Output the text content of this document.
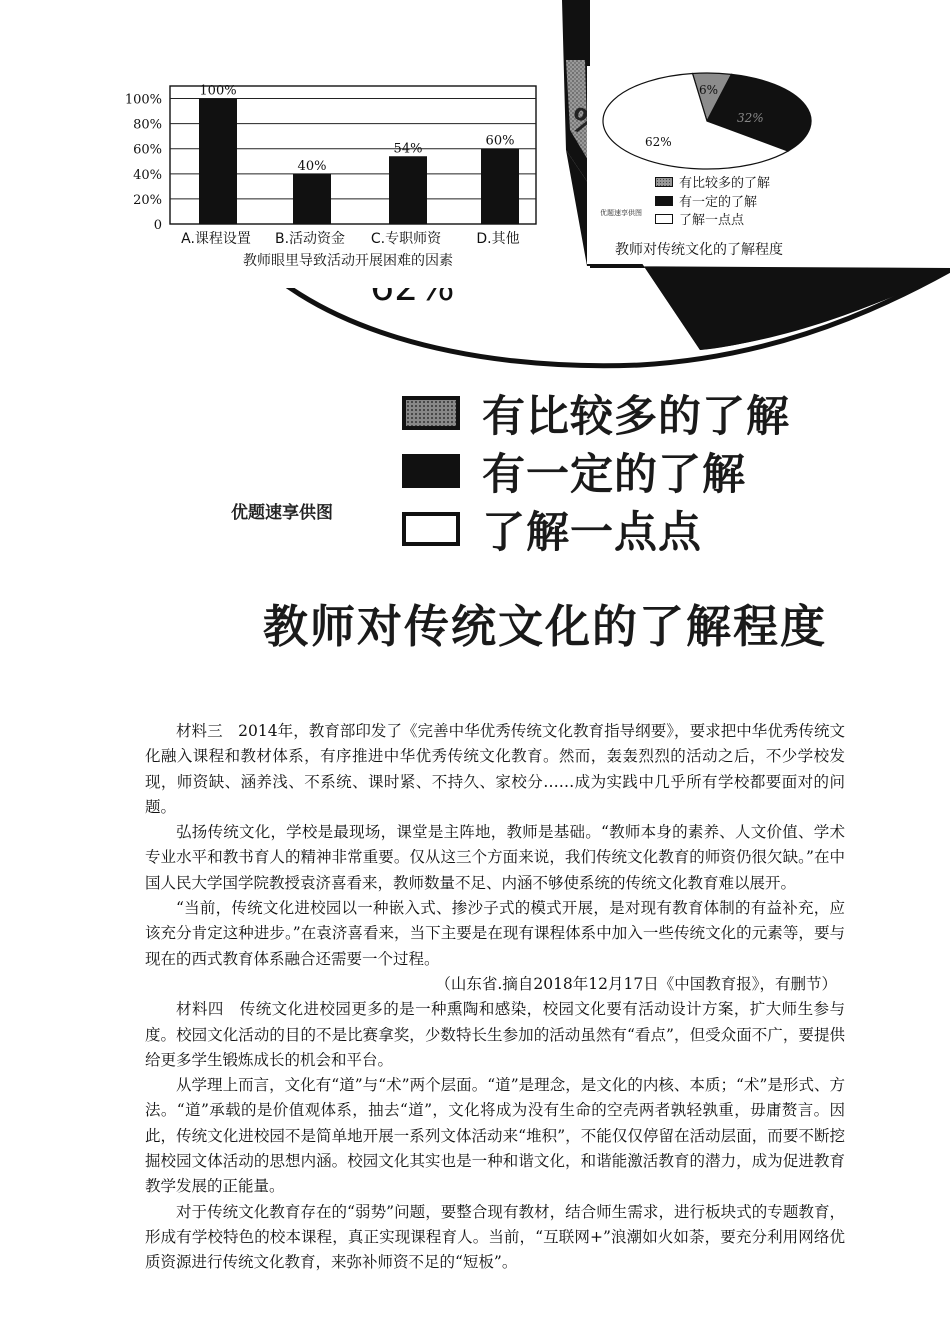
有比较多的了解
有一定的了解
了解一点点
优题速享供图
教师对传统文化的了解程度
0
20%
40%
60%
80%
100%
100%
A.课程设置
40%
B.活动资金
54%
C.专职师资
60%
D.其他
教师眼里导致活动开展困难的因素
6%
32%
62%
有比较多的了解
有一定的了解
了解一点点
优题速享供图
教师对传统文化的了解程度

材料三　2014年，教育部印发了《完善中华优秀传统文化教育指导纲要》，要求把中华优秀传统文化融入课程和教材体系，有序推进中华优秀传统文化教育。然而，轰轰烈烈的活动之后，不少学校发现，师资缺、涵养浅、不系统、课时紧、不持久、家校分……成为实践中几乎所有学校都要面对的问题。

弘扬传统文化，学校是最现场，课堂是主阵地，教师是基础。“教师本身的素养、人文价值、学术专业水平和教书育人的精神非常重要。仅从这三个方面来说，我们传统文化教育的师资仍很欠缺。”在中国人民大学国学院教授袁济喜看来，教师数量不足、内涵不够使系统的传统文化教育难以展开。

“当前，传统文化进校园以一种嵌入式、掺沙子式的模式开展，是对现有教育体制的有益补充，应该充分肯定这种进步。”在袁济喜看来，当下主要是在现有课程体系中加入一些传统文化的元素等，要与现在的西式教育体系融合还需要一个过程。

（山东省.摘自2018年12月17日《中国教育报》，有删节）

材料四　传统文化进校园更多的是一种熏陶和感染，校园文化要有活动设计方案，扩大师生参与度。校园文化活动的目的不是比赛拿奖，少数特长生参加的活动虽然有“看点”，但受众面不广，要提供给更多学生锻炼成长的机会和平台。

从学理上而言，文化有“道”与“术”两个层面。“道”是理念，是文化的内核、本质；“术”是形式、方法。“道”承载的是价值观体系，抽去“道”，文化将成为没有生命的空壳两者孰轻孰重，毋庸赘言。因此，传统文化进校园不是简单地开展一系列文体活动来“堆积”，不能仅仅停留在活动层面，而要不断挖掘校园文体活动的思想内涵。校园文化其实也是一种和谐文化，和谐能激活教育的潜力，成为促进教育教学发展的正能量。

对于传统文化教育存在的“弱势”问题，要整合现有教材，结合师生需求，进行板块式的专题教育，形成有学校特色的校本课程，真正实现课程育人。当前，“互联网+”浪潮如火如荼，要充分利用网络优质资源进行传统文化教育，来弥补师资不足的“短板”。
